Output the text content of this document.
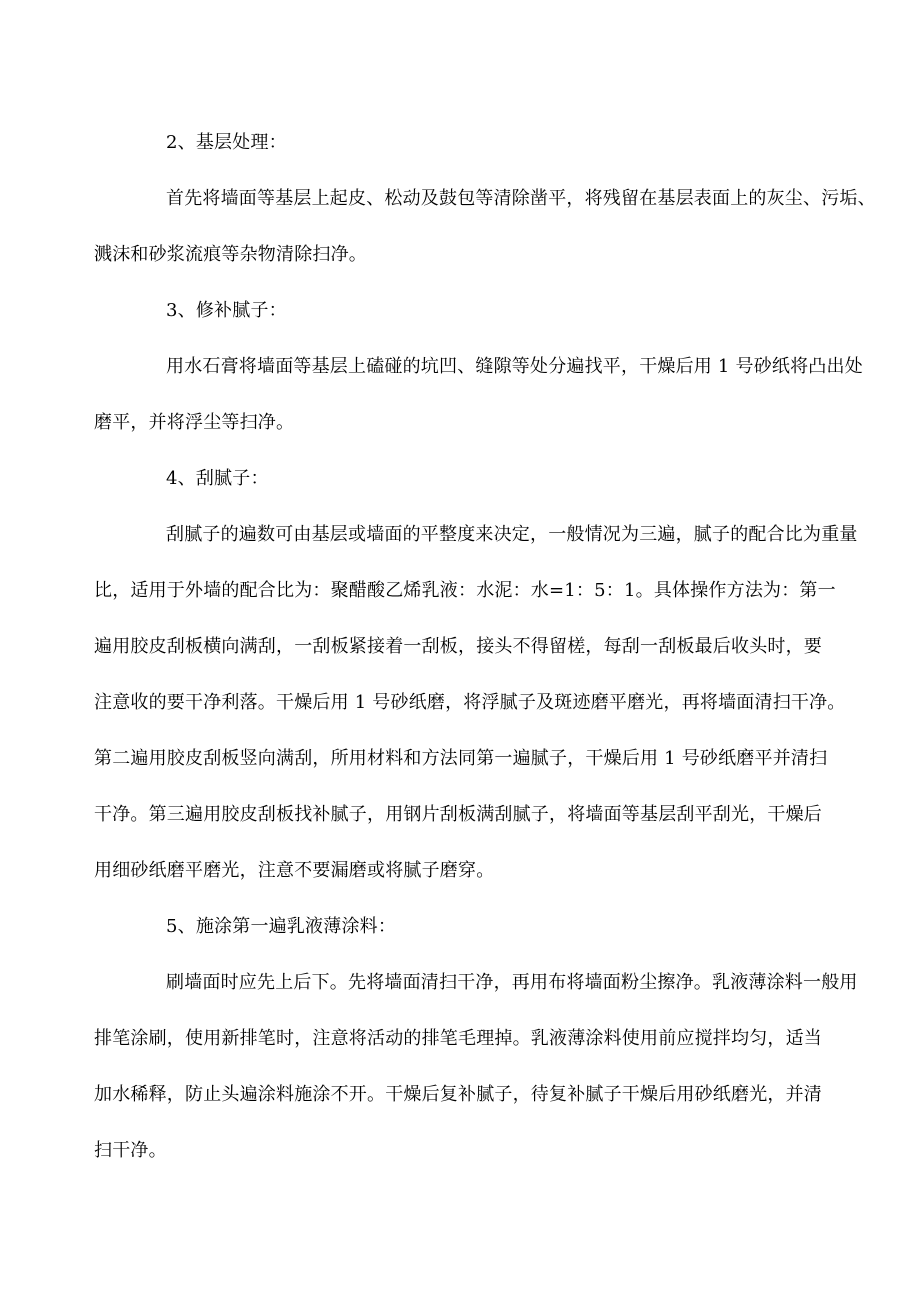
2、基层处理：
首先将墙面等基层上起皮、松动及鼓包等清除凿平，将残留在基层表面上的灰尘、污垢、
溅沫和砂浆流痕等杂物清除扫净。
3、修补腻子：
用水石膏将墙面等基层上磕碰的坑凹、缝隙等处分遍找平，干燥后用 1 号砂纸将凸出处
磨平，并将浮尘等扫净。
4、刮腻子：
刮腻子的遍数可由基层或墙面的平整度来决定，一般情况为三遍，腻子的配合比为重量
比，适用于外墙的配合比为：聚醋酸乙烯乳液：水泥：水=1：5：1。具体操作方法为：第一
遍用胶皮刮板横向满刮，一刮板紧接着一刮板，接头不得留槎，每刮一刮板最后收头时，要
注意收的要干净利落。干燥后用 1 号砂纸磨，将浮腻子及斑迹磨平磨光，再将墙面清扫干净。
第二遍用胶皮刮板竖向满刮，所用材料和方法同第一遍腻子，干燥后用 1 号砂纸磨平并清扫
干净。第三遍用胶皮刮板找补腻子，用钢片刮板满刮腻子，将墙面等基层刮平刮光，干燥后
用细砂纸磨平磨光，注意不要漏磨或将腻子磨穿。
5、施涂第一遍乳液薄涂料：
刷墙面时应先上后下。先将墙面清扫干净，再用布将墙面粉尘擦净。乳液薄涂料一般用
排笔涂刷，使用新排笔时，注意将活动的排笔毛理掉。乳液薄涂料使用前应搅拌均匀，适当
加水稀释，防止头遍涂料施涂不开。干燥后复补腻子，待复补腻子干燥后用砂纸磨光，并清
扫干净。
